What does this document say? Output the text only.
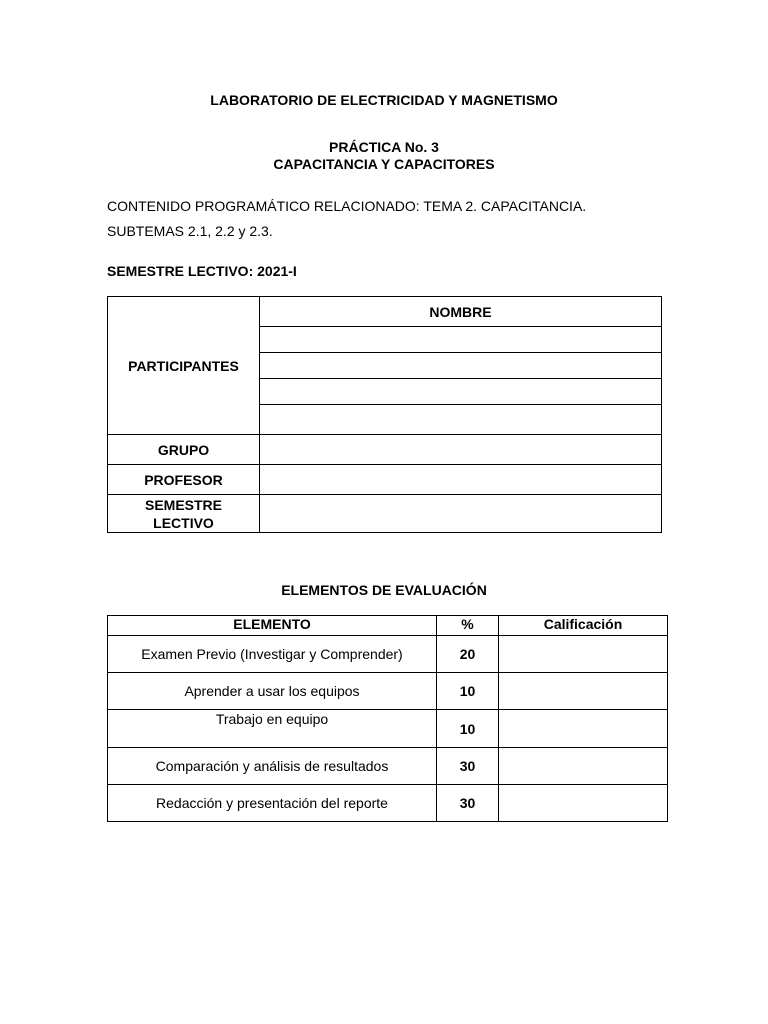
LABORATORIO DE ELECTRICIDAD Y MAGNETISMO
PRÁCTICA No. 3
CAPACITANCIA Y CAPACITORES
CONTENIDO PROGRAMÁTICO RELACIONADO: TEMA 2. CAPACITANCIA.
SUBTEMAS 2.1, 2.2 y 2.3.
SEMESTRE LECTIVO: 2021-I
PARTICIPANTES	NOMBRE

GRUPO	
PROFESOR	

SEMESTRE
LECTIVO	

ELEMENTOS DE EVALUACIÓN
ELEMENTO	%	Calificación
Examen Previo (Investigar y Comprender)	20	
Aprender a usar los equipos	10	
Trabajo en equipo	10	
Comparación y análisis de resultados	30	
Redacción y presentación del reporte	30	
